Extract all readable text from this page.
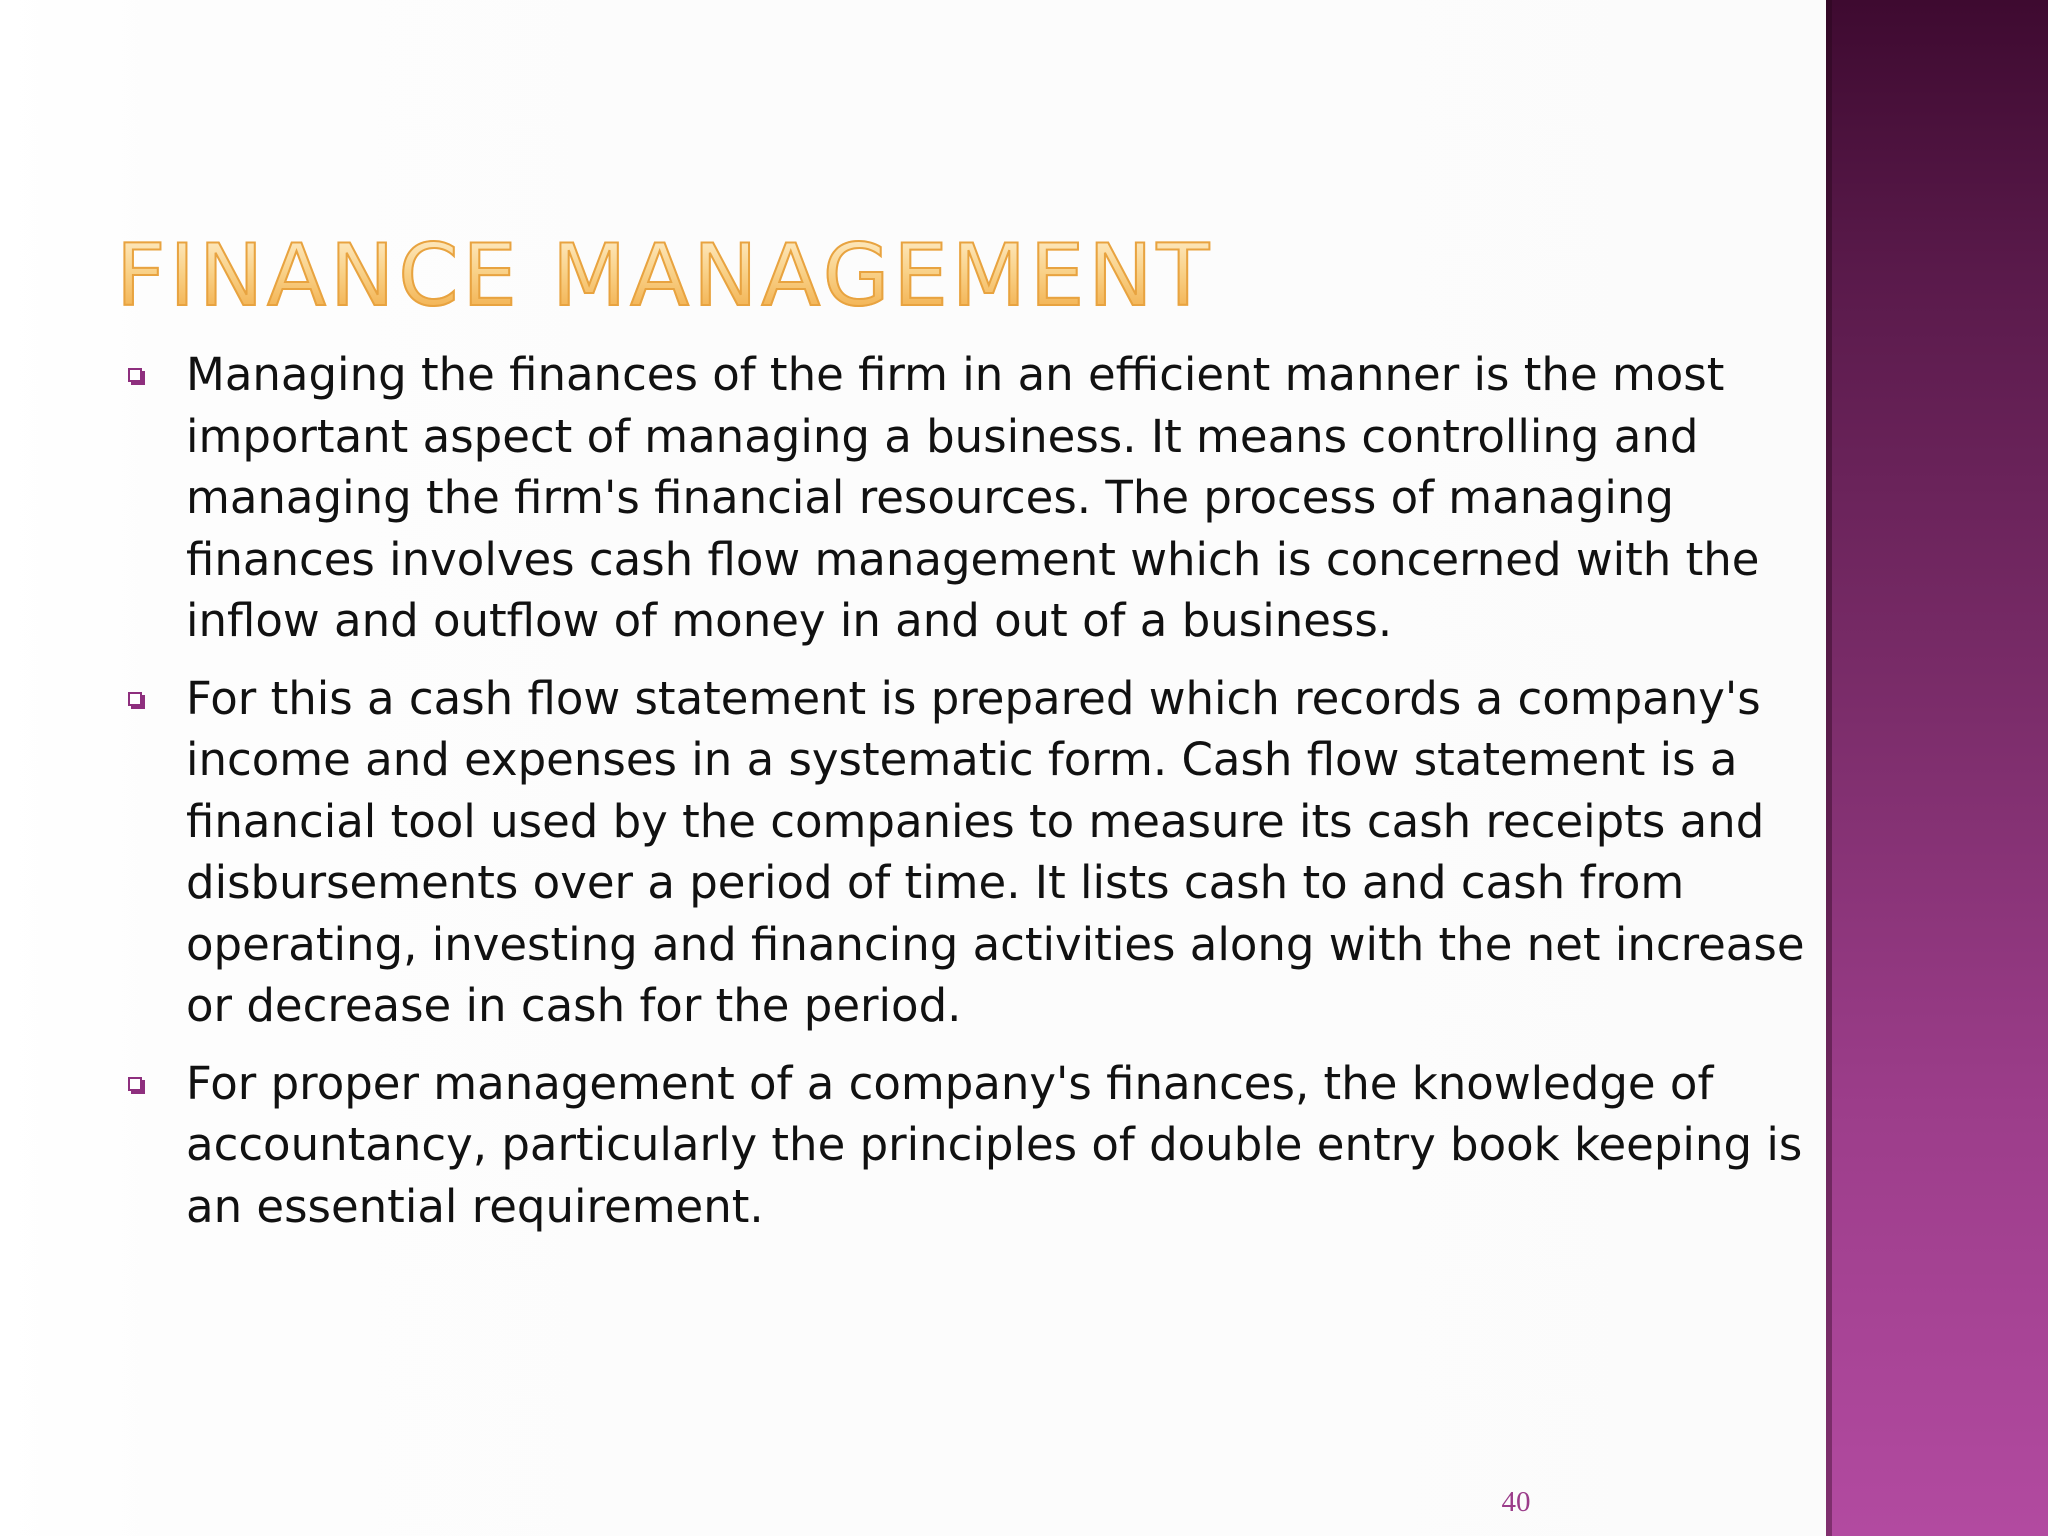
FINANCE MANAGEMENT
Managing the finances of the firm in an efficient manner is the most important aspect of managing a business. It means controlling and managing the firm's financial resources. The process of managing finances involves cash flow management which is concerned with the inflow and outflow of money in and out of a business.
For this a cash flow statement is prepared which records a company's income and expenses in a systematic form. Cash flow statement is a financial tool used by the companies to measure its cash receipts and disbursements over a period of time. It lists cash to and cash from operating, investing and financing activities along with the net increase or decrease in cash for the period.
For proper management of a company's finances, the knowledge of accountancy, particularly the principles of double entry book keeping is an essential requirement.
40
